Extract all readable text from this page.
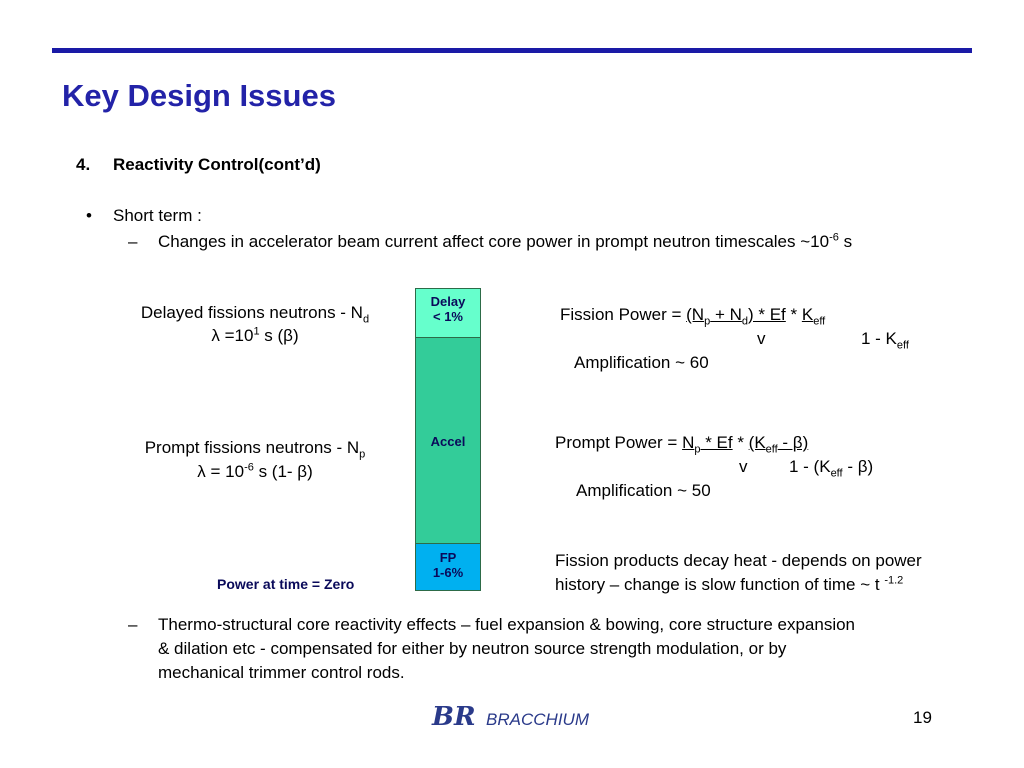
Key Design Issues
4. Reactivity Control(cont’d)
• Short term :
– Changes in accelerator beam current affect core power in prompt neutron timescales $\sim 10^{-6}$ s
Delayed fissions neutrons - $N_d$
$\lambda =10^1$ s (β)
Prompt fissions neutrons - $N_p$
$\lambda = 10^{-6}$ s (1- β)
Delay
< 1%
Accel
FP
1-6%
Power at time = Zero
Fission Power = $(N_p + N_d) * Ef * K_{eff}$
v	$1 - K_{eff}$
Amplification ~ 60
Prompt Power = $N_p$ * Ef * $(K_{eff} - \beta)$
v $1 - (K_{eff} - \beta)$
Amplification ~ 50
Fission products decay heat - depends on power
history – change is slow function of time ~ t $^{-1.2}$
– Thermo-structural core reactivity effects – fuel expansion & bowing, core structure expansion
& dilation etc - compensated for either by neutron source strength modulation, or by
mechanical trimmer control rods.
BR BRACCHIUM	19
